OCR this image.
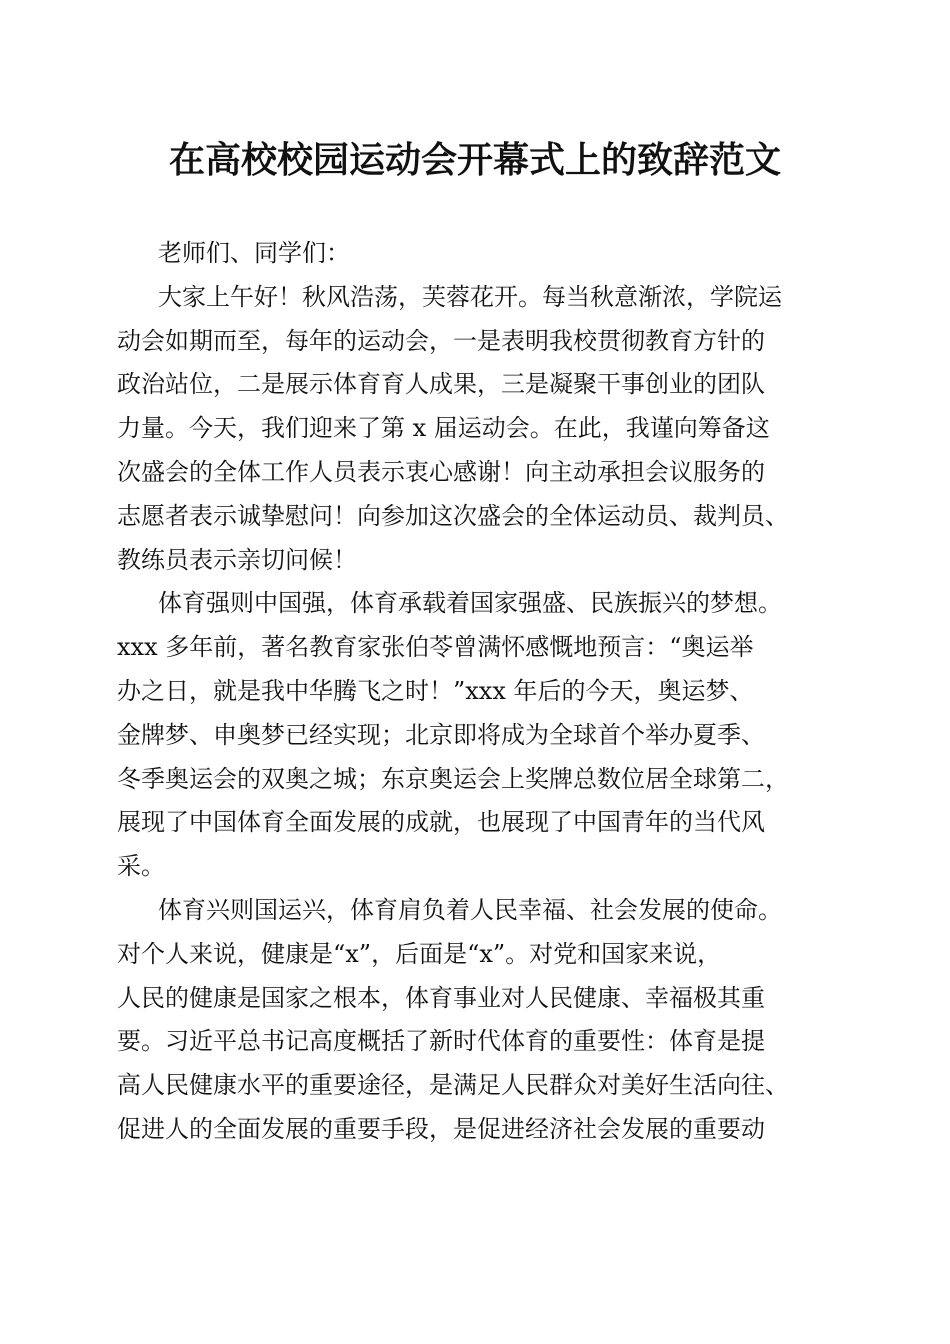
在高校校园运动会开幕式上的致辞范文
老师们、同学们：
大家上午好！秋风浩荡，芙蓉花开。每当秋意渐浓，学院运
动会如期而至，每年的运动会，一是表明我校贯彻教育方针的
政治站位，二是展示体育育人成果，三是凝聚干事创业的团队
力量。今天，我们迎来了第 x 届运动会。在此，我谨向筹备这
次盛会的全体工作人员表示衷心感谢！向主动承担会议服务的
志愿者表示诚挚慰问！向参加这次盛会的全体运动员、裁判员、
教练员表示亲切问候！
体育强则中国强，体育承载着国家强盛、民族振兴的梦想。
xxx 多年前，著名教育家张伯苓曾满怀感慨地预言：“奥运举
办之日，就是我中华腾飞之时！”xxx 年后的今天，奥运梦、
金牌梦、申奥梦已经实现；北京即将成为全球首个举办夏季、
冬季奥运会的双奥之城；东京奥运会上奖牌总数位居全球第二，
展现了中国体育全面发展的成就，也展现了中国青年的当代风
采。
体育兴则国运兴，体育肩负着人民幸福、社会发展的使命。
对个人来说，健康是“x”，后面是“x”。对党和国家来说，
人民的健康是国家之根本，体育事业对人民健康、幸福极其重
要。习近平总书记高度概括了新时代体育的重要性：体育是提
高人民健康水平的重要途径，是满足人民群众对美好生活向往、
促进人的全面发展的重要手段，是促进经济社会发展的重要动
